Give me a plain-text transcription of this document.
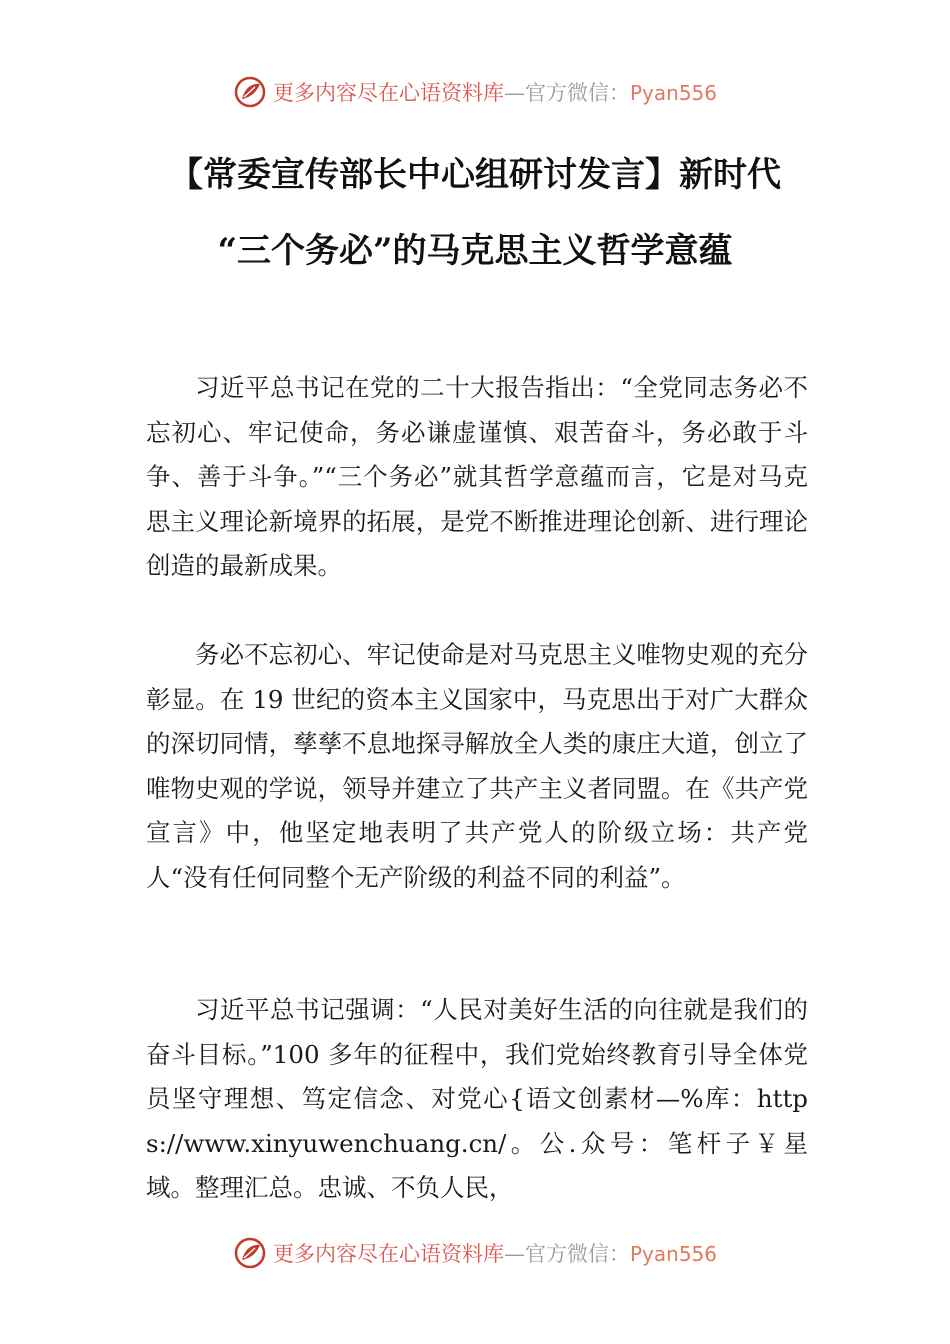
更多内容尽在心语资料库—官方微信：Pyan556
【常委宣传部长中心组研讨发言】新时代
“三个务必”的马克思主义哲学意蕴

习近平总书记在党的二十大报告指出：“全党同志务必不忘初心、牢记使命，务必谦虚谨慎、艰苦奋斗，务必敢于斗争、善于斗争。”“三个务必”就其哲学意蕴而言，它是对马克思主义理论新境界的拓展，是党不断推进理论创新、进行理论创造的最新成果。

务必不忘初心、牢记使命是对马克思主义唯物史观的充分彰显。在 19 世纪的资本主义国家中，马克思出于对广大群众的深切同情，孳孳不息地探寻解放全人类的康庄大道，创立了唯物史观的学说，领导并建立了共产主义者同盟。在《共产党宣言》中，他坚定地表明了共产党人的阶级立场：共产党人“没有任何同整个无产阶级的利益不同的利益”。

习近平总书记强调：“人民对美好生活的向往就是我们的奋斗目标。”100 多年的征程中，我们党始终教育引导全体党员坚守理想、笃定信念、对党心{语文创素材—%库：https://www.xinyuwenchuang.cn/。公.众号：笔杆子￥星域。整理汇总。忠诚、不负人民，

更多内容尽在心语资料库—官方微信：Pyan556
